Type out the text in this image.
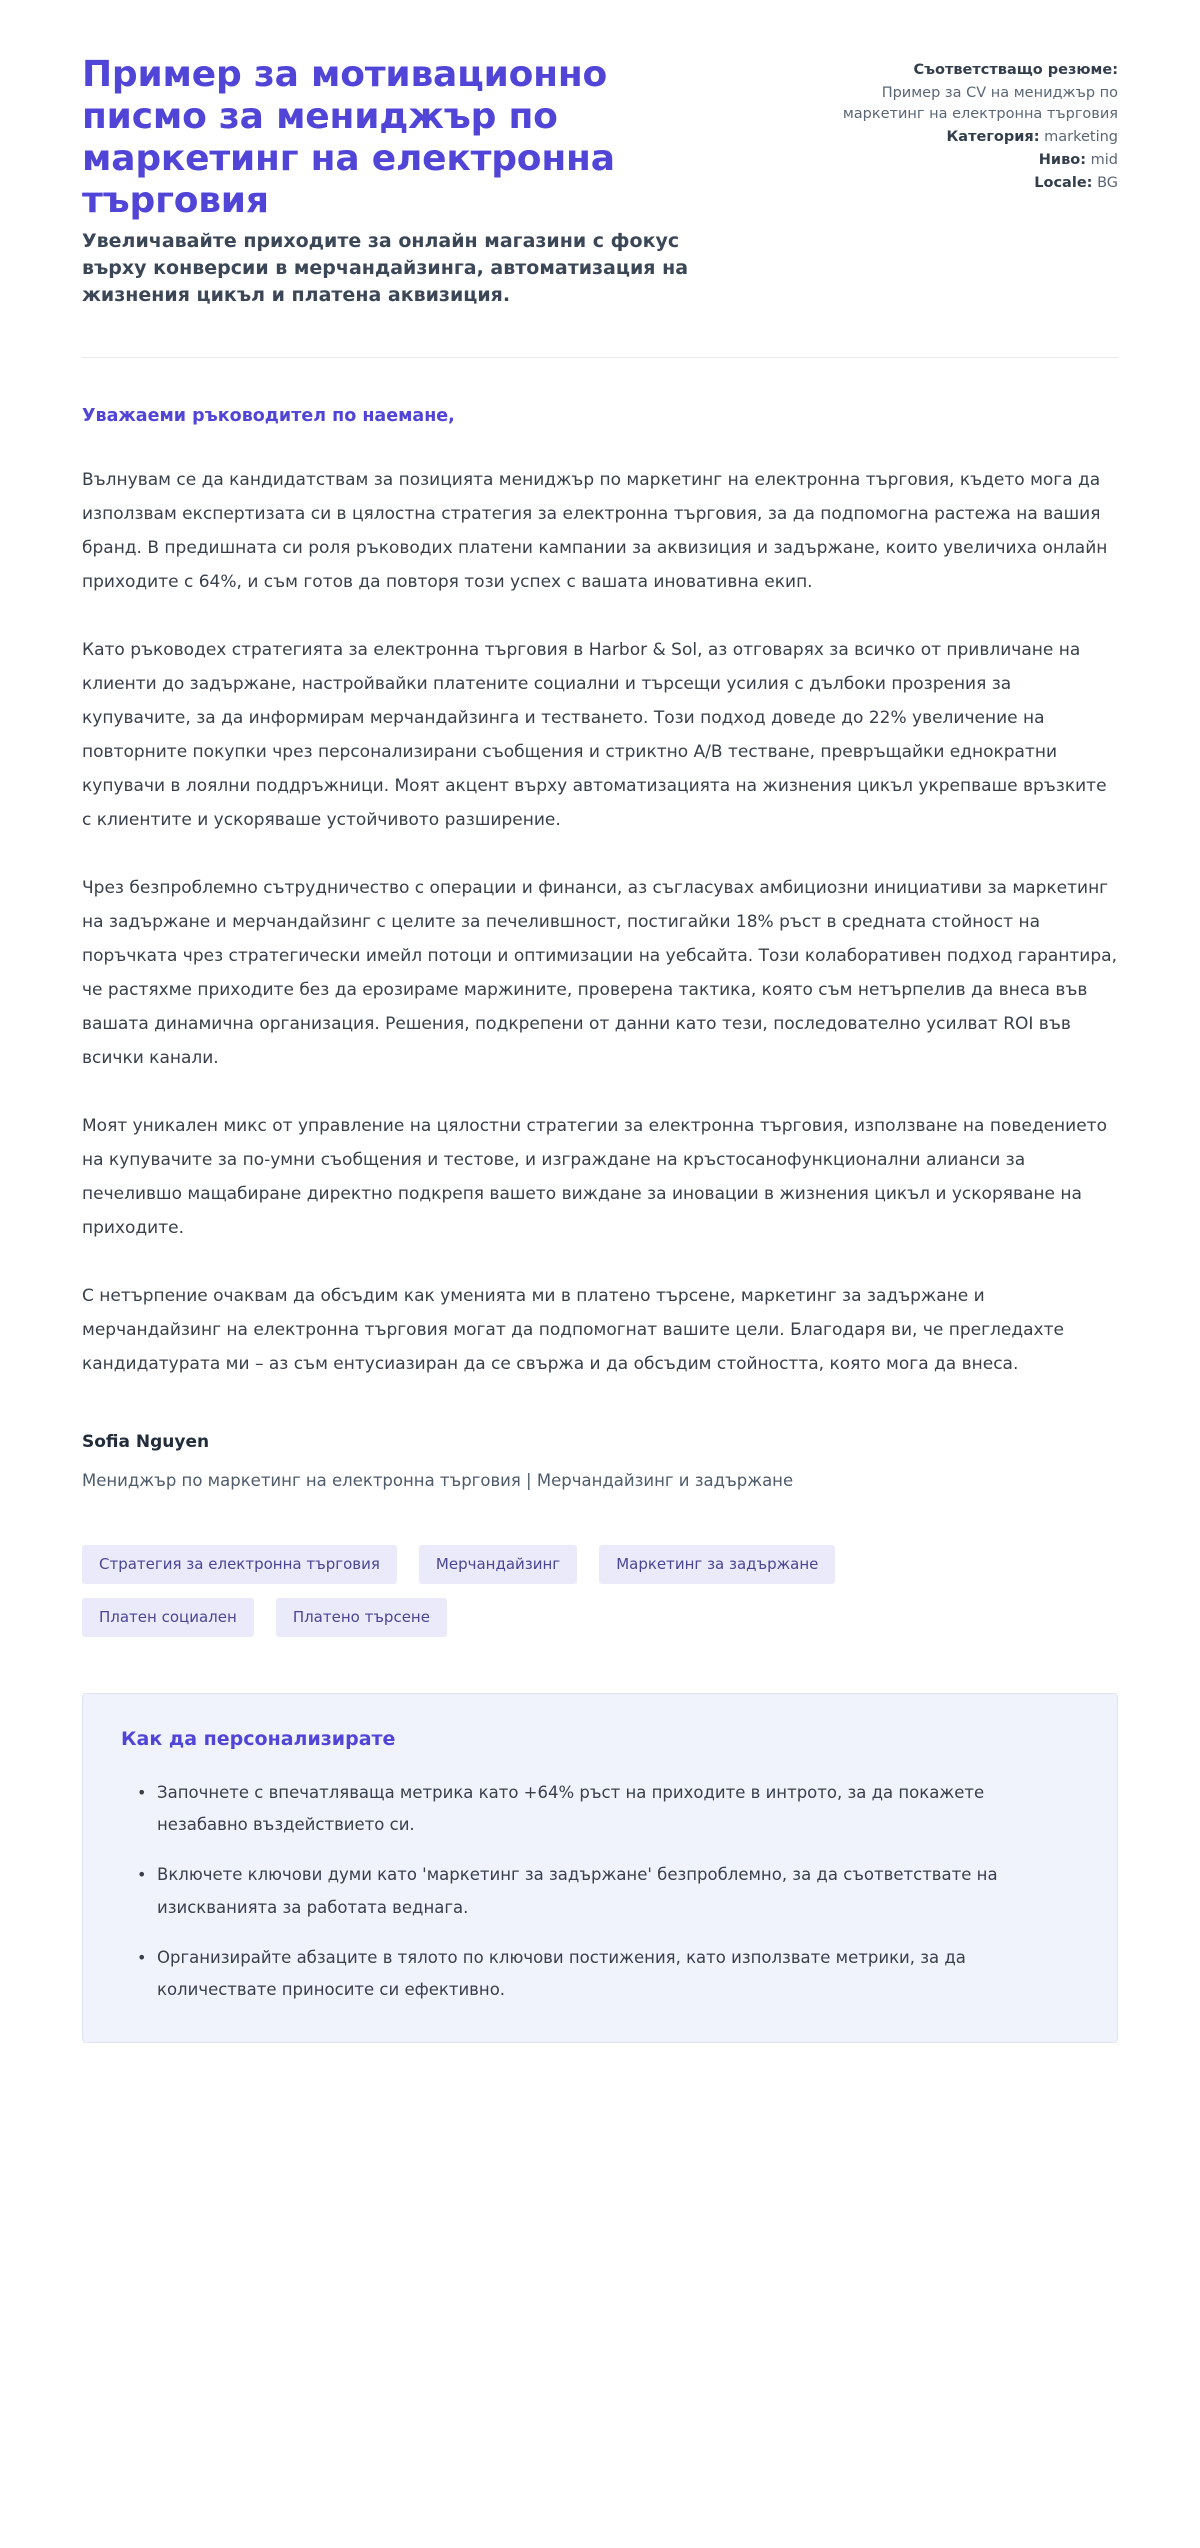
Пример за мотивационно писмо за мениджър по маркетинг на електронна търговия

Увеличавайте приходите за онлайн магазини с фокус върху конверсии в мерчандайзинга, автоматизация на жизнения цикъл и платена аквизиция.

Съответстващо резюме:
Пример за CV на мениджър по маркетинг на електронна търговия
Категория: marketing
Ниво: mid
Locale: BG

Уважаеми ръководител по наемане,

Вълнувам се да кандидатствам за позицията мениджър по маркетинг на електронна търговия, където мога да използвам експертизата си в цялостна стратегия за електронна търговия, за да подпомогна растежа на вашия бранд. В предишната си роля ръководих платени кампании за аквизиция и задържане, които увеличиха онлайн приходите с 64%, и съм готов да повторя този успех с вашата иновативна екип.

Като ръководех стратегията за електронна търговия в Harbor & Sol, аз отговарях за всичко от привличане на клиенти до задържане, настройвайки платените социални и търсещи усилия с дълбоки прозрения за купувачите, за да информирам мерчандайзинга и тестването. Този подход доведе до 22% увеличение на повторните покупки чрез персонализирани съобщения и стриктно A/B тестване, превръщайки еднократни купувачи в лоялни поддръжници. Моят акцент върху автоматизацията на жизнения цикъл укрепваше връзките с клиентите и ускоряваше устойчивото разширение.

Чрез безпроблемно сътрудничество с операции и финанси, аз съгласувах амбициозни инициативи за маркетинг на задържане и мерчандайзинг с целите за печелившност, постигайки 18% ръст в средната стойност на поръчката чрез стратегически имейл потоци и оптимизации на уебсайта. Този колаборативен подход гарантира, че растяхме приходите без да ерозираме маржините, проверена тактика, която съм нетърпелив да внеса във вашата динамична организация. Решения, подкрепени от данни като тези, последователно усилват ROI във всички канали.

Моят уникален микс от управление на цялостни стратегии за електронна търговия, използване на поведението на купувачите за по-умни съобщения и тестове, и изграждане на кръстосанофункционални алианси за печелившо мащабиране директно подкрепя вашето виждане за иновации в жизнения цикъл и ускоряване на приходите.

С нетърпение очаквам да обсъдим как уменията ми в платено търсене, маркетинг за задържане и мерчандайзинг на електронна търговия могат да подпомогнат вашите цели. Благодаря ви, че прегледахте кандидатурата ми – аз съм ентусиазиран да се свържа и да обсъдим стойността, която мога да внеса.

Sofia Nguyen
Мениджър по маркетинг на електронна търговия | Мерчандайзинг и задържане
Стратегия за електронна търговия	Мерчандайзинг	Маркетинг за задържане
Платен социален	Платено търсене
Как да персонализирате
• Започнете с впечатляваща метрика като +64% ръст на приходите в интрото, за да покажете незабавно въздействието си.
• Включете ключови думи като 'маркетинг за задържане' безпроблемно, за да съответствате на изискванията за работата веднага.
• Организирайте абзаците в тялото по ключови постижения, като използвате метрики, за да количествате приносите си ефективно.
